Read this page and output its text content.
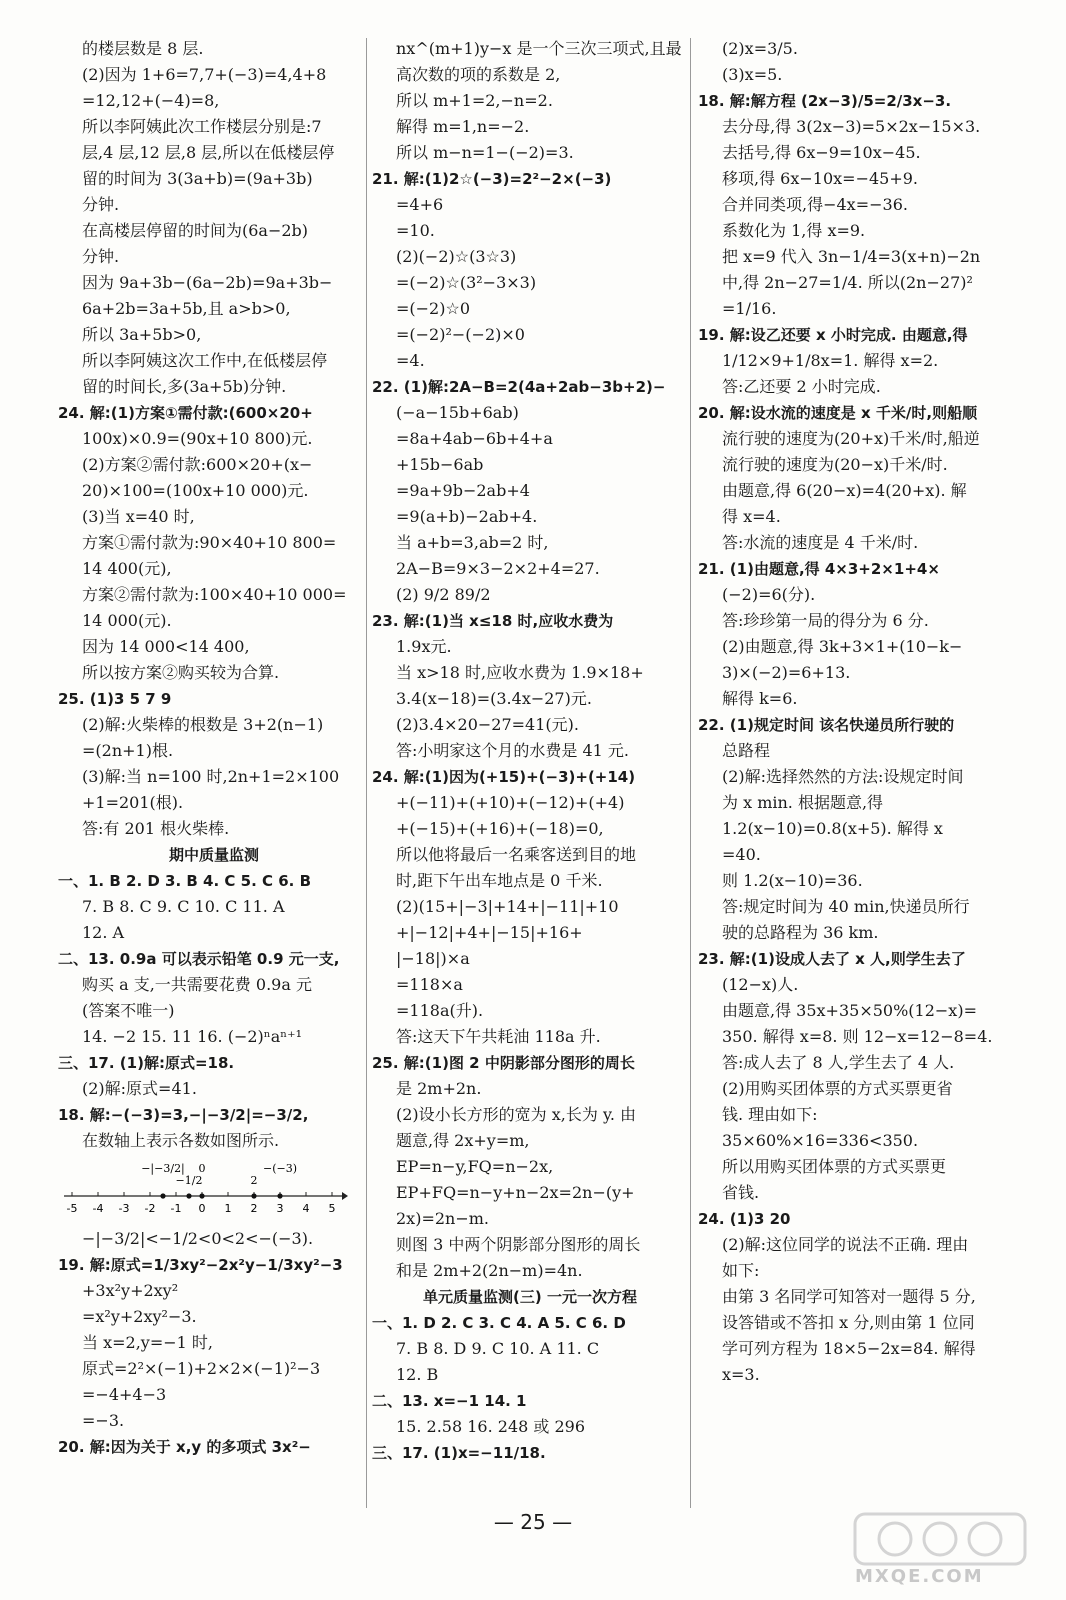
的楼层数是 8 层.
(2)因为 1+6=7,7+(−3)=4,4+8
=12,12+(−4)=8,
所以李阿姨此次工作楼层分别是:7
层,4 层,12 层,8 层,所以在低楼层停
留的时间为 3(3a+b)=(9a+3b)
分钟.
在高楼层停留的时间为(6a−2b)
分钟.
因为 9a+3b−(6a−2b)=9a+3b−
6a+2b=3a+5b,且 a>b>0,
所以 3a+5b>0,
所以李阿姨这次工作中,在低楼层停
留的时间长,多(3a+5b)分钟.
24. 解:(1)方案①需付款:(600×20+
100x)×0.9=(90x+10 800)元.
(2)方案②需付款:600×20+(x−
20)×100=(100x+10 000)元.
(3)当 x=40 时,
方案①需付款为:90×40+10 800=
14 400(元),
方案②需付款为:100×40+10 000=
14 000(元).
因为 14 000<14 400,
所以按方案②购买较为合算.
25. (1)3 5 7 9
(2)解:火柴棒的根数是 3+2(n−1)
=(2n+1)根.
(3)解:当 n=100 时,2n+1=2×100
+1=201(根).
答:有 201 根火柴棒.
期中质量监测
一、1. B 2. D 3. B 4. C 5. C 6. B
7. B 8. C 9. C 10. C 11. A
12. A
二、13. 0.9a 可以表示铅笔 0.9 元一支,
购买 a 支,一共需要花费 0.9a 元
(答案不唯一)
14. −2 15. 11 16. (−2)ⁿaⁿ⁺¹
三、17. (1)解:原式=18.
(2)解:原式=41.
18. 解:−(−3)=3,−|−3/2|=−3/2,
在数轴上表示各数如图所示.
-5 -4 -3 -2 -1 0 1 2 3 4 5
−|−3/2|
−1/2
0
2
−(−3)
−|−3/2|<−1/2<0<2<−(−3).
19. 解:原式=1/3xy²−2x²y−1/3xy²−3
+3x²y+2xy²
=x²y+2xy²−3.
当 x=2,y=−1 时,
原式=2²×(−1)+2×2×(−1)²−3
=−4+4−3
=−3.
20. 解:因为关于 x,y 的多项式 3x²−
nx^(m+1)y−x 是一个三次三项式,且最
高次数的项的系数是 2,
所以 m+1=2,−n=2.
解得 m=1,n=−2.
所以 m−n=1−(−2)=3.
21. 解:(1)2☆(−3)=2²−2×(−3)
=4+6
=10.
(2)(−2)☆(3☆3)
=(−2)☆(3²−3×3)
=(−2)☆0
=(−2)²−(−2)×0
=4.
22. (1)解:2A−B=2(4a+2ab−3b+2)−
(−a−15b+6ab)
=8a+4ab−6b+4+a
+15b−6ab
=9a+9b−2ab+4
=9(a+b)−2ab+4.
当 a+b=3,ab=2 时,
2A−B=9×3−2×2+4=27.
(2) 9/2 89/2
23. 解:(1)当 x≤18 时,应收水费为
1.9x元.
当 x>18 时,应收水费为 1.9×18+
3.4(x−18)=(3.4x−27)元.
(2)3.4×20−27=41(元).
答:小明家这个月的水费是 41 元.
24. 解:(1)因为(+15)+(−3)+(+14)
+(−11)+(+10)+(−12)+(+4)
+(−15)+(+16)+(−18)=0,
所以他将最后一名乘客送到目的地
时,距下午出车地点是 0 千米.
(2)(15+|−3|+14+|−11|+10
+|−12|+4+|−15|+16+
|−18|)×a
=118×a
=118a(升).
答:这天下午共耗油 118a 升.
25. 解:(1)图 2 中阴影部分图形的周长
是 2m+2n.
(2)设小长方形的宽为 x,长为 y. 由
题意,得 2x+y=m,
EP=n−y,FQ=n−2x,
EP+FQ=n−y+n−2x=2n−(y+
2x)=2n−m.
则图 3 中两个阴影部分图形的周长
和是 2m+2(2n−m)=4n.
单元质量监测(三) 一元一次方程
一、1. D 2. C 3. C 4. A 5. C 6. D
7. B 8. D 9. C 10. A 11. C
12. B
二、13. x=−1 14. 1
15. 2.58 16. 248 或 296
三、17. (1)x=−11/18.
(2)x=3/5.
(3)x=5.
18. 解:解方程 (2x−3)/5=2/3x−3.
去分母,得 3(2x−3)=5×2x−15×3.
去括号,得 6x−9=10x−45.
移项,得 6x−10x=−45+9.
合并同类项,得−4x=−36.
系数化为 1,得 x=9.
把 x=9 代入 3n−1/4=3(x+n)−2n
中,得 2n−27=1/4. 所以(2n−27)²
=1/16.
19. 解:设乙还要 x 小时完成. 由题意,得
1/12×9+1/8x=1. 解得 x=2.
答:乙还要 2 小时完成.
20. 解:设水流的速度是 x 千米/时,则船顺
流行驶的速度为(20+x)千米/时,船逆
流行驶的速度为(20−x)千米/时.
由题意,得 6(20−x)=4(20+x). 解
得 x=4.
答:水流的速度是 4 千米/时.
21. (1)由题意,得 4×3+2×1+4×
(−2)=6(分).
答:珍珍第一局的得分为 6 分.
(2)由题意,得 3k+3×1+(10−k−
3)×(−2)=6+13.
解得 k=6.
22. (1)规定时间 该名快递员所行驶的
总路程
(2)解:选择然然的方法:设规定时间
为 x min. 根据题意,得
1.2(x−10)=0.8(x+5). 解得 x
=40.
则 1.2(x−10)=36.
答:规定时间为 40 min,快递员所行
驶的总路程为 36 km.
23. 解:(1)设成人去了 x 人,则学生去了
(12−x)人.
由题意,得 35x+35×50%(12−x)=
350. 解得 x=8. 则 12−x=12−8=4.
答:成人去了 8 人,学生去了 4 人.
(2)用购买团体票的方式买票更省
钱. 理由如下:
35×60%×16=336<350.
所以用购买团体票的方式买票更
省钱.
24. (1)3 20
(2)解:这位同学的说法不正确. 理由
如下:
由第 3 名同学可知答对一题得 5 分,
设答错或不答扣 x 分,则由第 1 位同
学可列方程为 18×5−2x=84. 解得
x=3.
— 25 —
MXQE.COM
